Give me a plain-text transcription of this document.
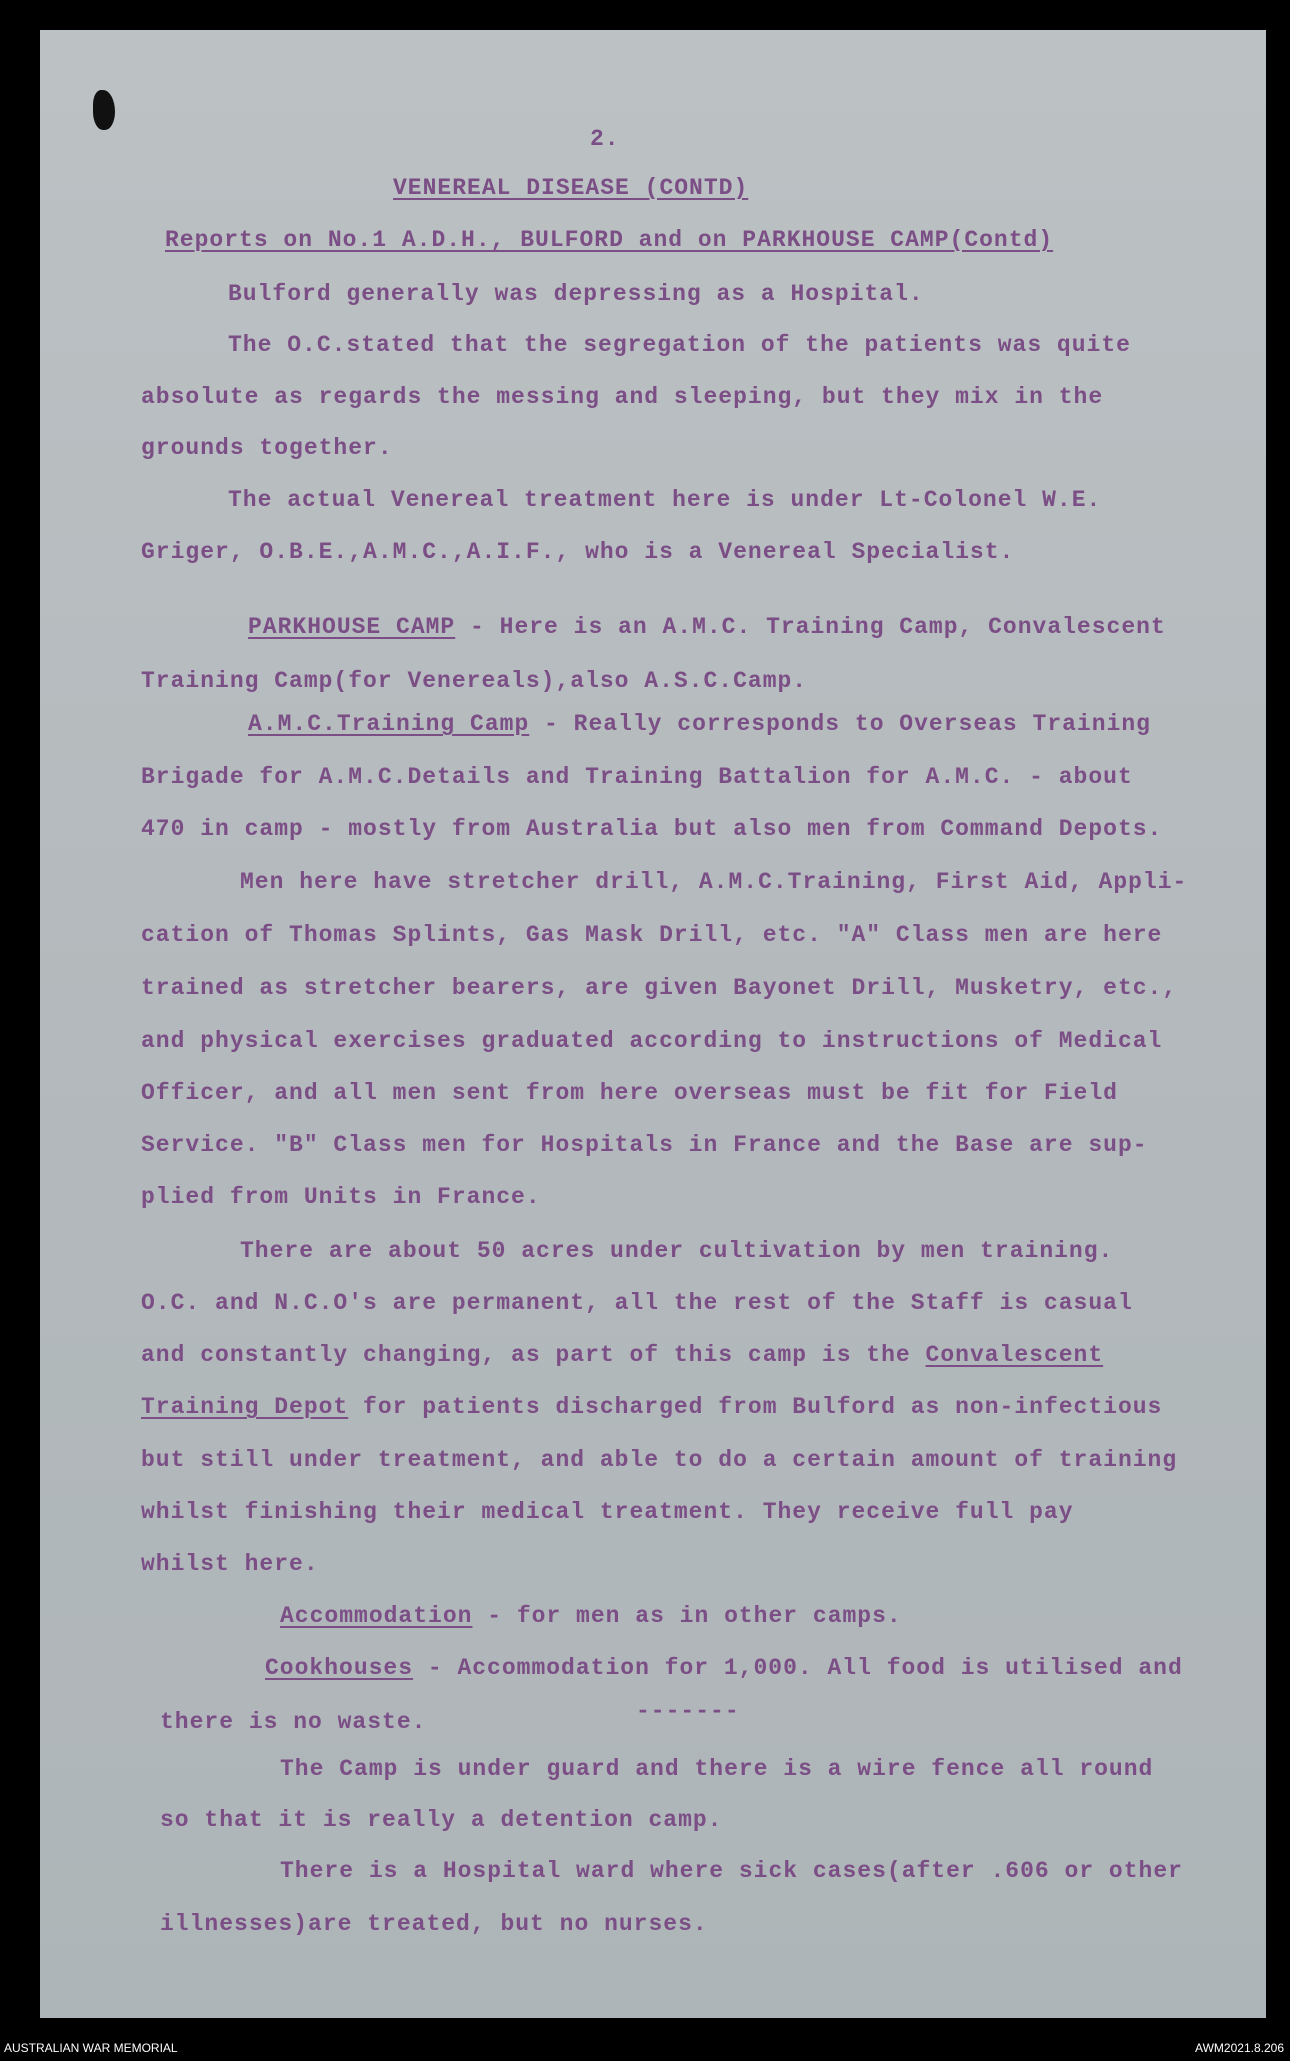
2.
VENEREAL DISEASE (CONTD)
Reports on No.1 A.D.H., BULFORD and on PARKHOUSE CAMP(Contd)
Bulford generally was depressing as a Hospital.
The O.C.stated that the segregation of the patients was quite
absolute as regards the messing and sleeping, but they mix in the
grounds together.
The actual Venereal treatment here is under Lt-Colonel W.E.
Griger, O.B.E.,A.M.C.,A.I.F., who is a Venereal Specialist.
PARKHOUSE CAMP - Here is an A.M.C. Training Camp, Convalescent
Training Camp(for Venereals),also A.S.C.Camp.
A.M.C.Training Camp - Really corresponds to Overseas Training
Brigade for A.M.C.Details and Training Battalion for A.M.C. - about
470 in camp - mostly from Australia but also men from Command Depots.
Men here have stretcher drill, A.M.C.Training, First Aid, Appli-
cation of Thomas Splints, Gas Mask Drill, etc. "A" Class men are here
trained as stretcher bearers, are given Bayonet Drill, Musketry, etc.,
and physical exercises graduated according to instructions of Medical
Officer, and all men sent from here overseas must be fit for Field
Service. "B" Class men for Hospitals in France and the Base are sup-
plied from Units in France.
There are about 50 acres under cultivation by men training.
O.C. and N.C.O's are permanent, all the rest of the Staff is casual
and constantly changing, as part of this camp is the Convalescent
Training Depot for patients discharged from Bulford as non-infectious
but still under treatment, and able to do a certain amount of training
whilst finishing their medical treatment. They receive full pay
whilst here.
Accommodation - for men as in other camps.
Cookhouses - Accommodation for 1,000. All food is utilised and
there is no waste.	-------
The Camp is under guard and there is a wire fence all round
so that it is really a detention camp.
There is a Hospital ward where sick cases(after .606 or other
illnesses)are treated, but no nurses.
AUSTRALIAN WAR MEMORIAL	AWM2021.8.206
